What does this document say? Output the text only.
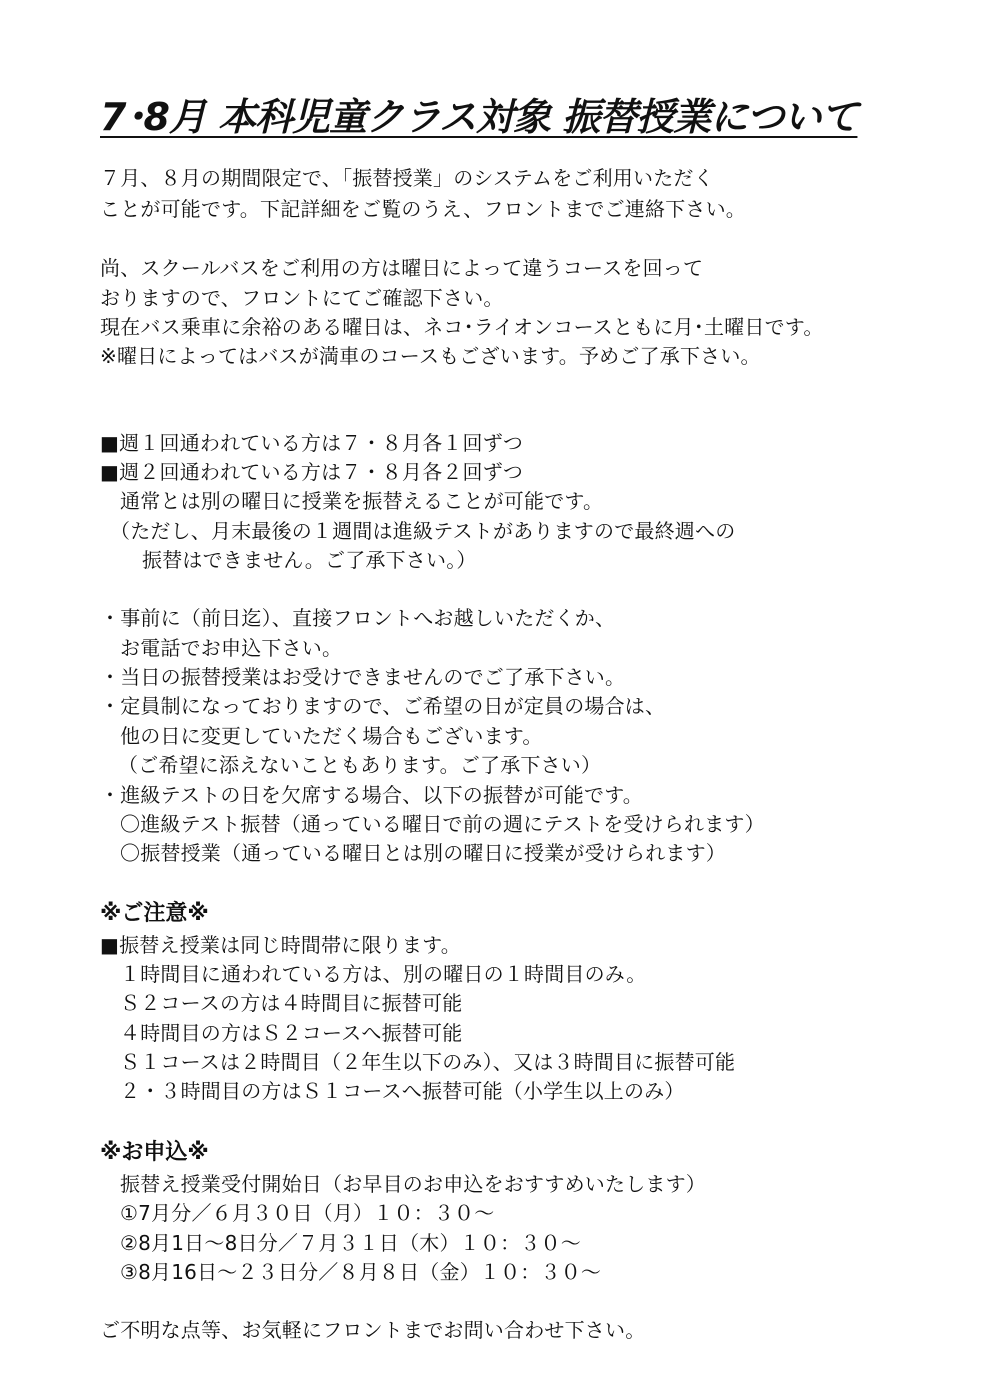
7･8月 本科児童クラス対象 振替授業について
７月、８月の期間限定で、「振替授業」のシステムをご利用いただく
ことが可能です。下記詳細をご覧のうえ、フロントまでご連絡下さい。
尚、スクールバスをご利用の方は曜日によって違うコースを回って
おりますので、フロントにてご確認下さい。
現在バス乗車に余裕のある曜日は、ネコ･ライオンコースともに月･土曜日です。
※曜日によってはバスが満車のコースもございます。予めご了承下さい。
■週１回通われている方は７・８月各１回ずつ
■週２回通われている方は７・８月各２回ずつ
通常とは別の曜日に授業を振替えることが可能です。
（ただし、月末最後の１週間は進級テストがありますので最終週への
振替はできません。ご了承下さい。）
・事前に（前日迄）、直接フロントへお越しいただくか、
お電話でお申込下さい。
・当日の振替授業はお受けできませんのでご了承下さい。
・定員制になっておりますので、ご希望の日が定員の場合は、
他の日に変更していただく場合もございます。
（ご希望に添えないこともあります。ご了承下さい）
・進級テストの日を欠席する場合、以下の振替が可能です。
〇進級テスト振替（通っている曜日で前の週にテストを受けられます）
〇振替授業（通っている曜日とは別の曜日に授業が受けられます）
※ご注意※
■振替え授業は同じ時間帯に限ります。
１時間目に通われている方は、別の曜日の１時間目のみ。
Ｓ２コースの方は４時間目に振替可能
４時間目の方はＳ２コースへ振替可能
Ｓ１コースは２時間目（２年生以下のみ）、又は３時間目に振替可能
２・３時間目の方はＳ１コースへ振替可能（小学生以上のみ）
※お申込※
振替え授業受付開始日（お早目のお申込をおすすめいたします）
①7月分／６月３０日（月）１０：３０～
②8月1日～8日分／７月３１日（木）１０：３０～
③8月16日～２３日分／８月８日（金）１０：３０～
ご不明な点等、お気軽にフロントまでお問い合わせ下さい。
